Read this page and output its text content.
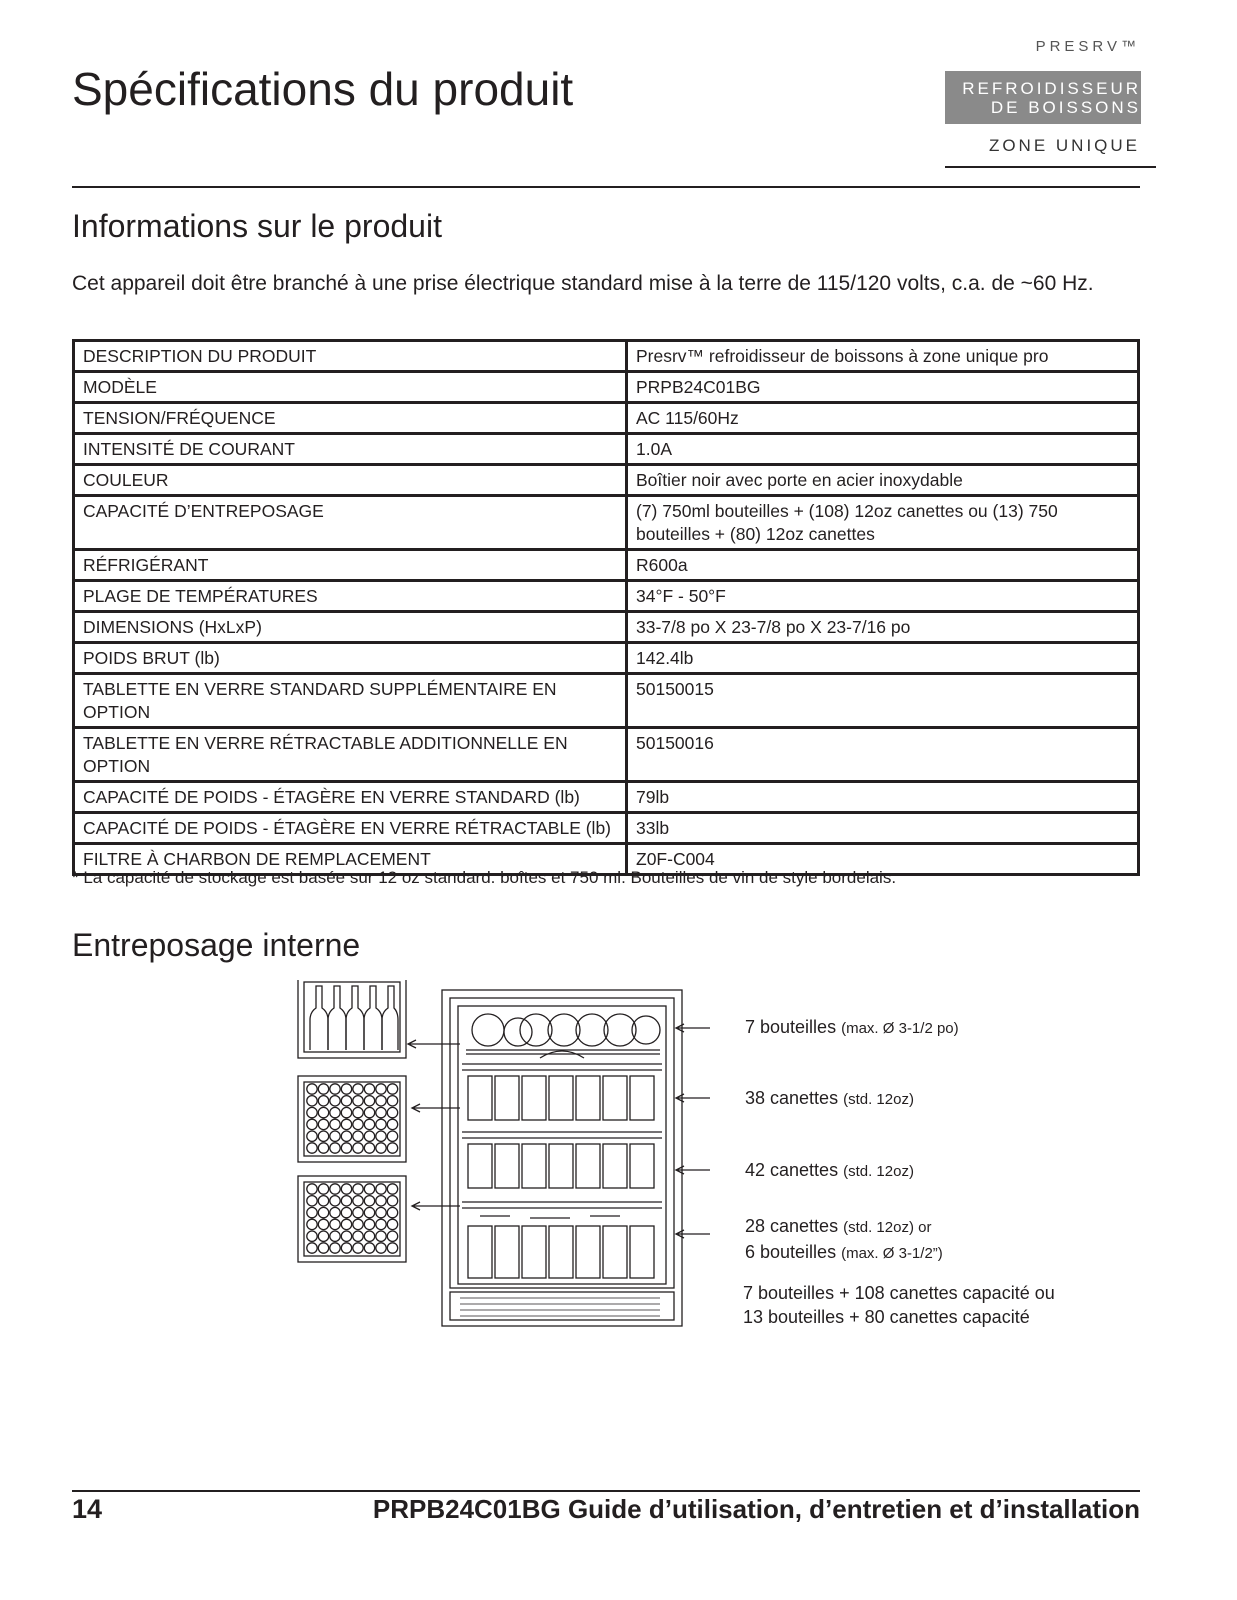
PRESRV™
REFROIDISSEUR
DE BOISSONS
ZONE UNIQUE
Spécifications du produit
Informations sur le produit

Cet appareil doit être branché à une prise électrique standard mise à la terre de 115/120 volts, c.a. de ~60 Hz.

DESCRIPTION DU PRODUIT	Presrv™ refroidisseur de boissons à zone unique pro
MODÈLE	PRPB24C01BG
TENSION/FRÉQUENCE	AC 115/60Hz
INTENSITÉ DE COURANT	1.0A
COULEUR	Boîtier noir avec porte en acier inoxydable
CAPACITÉ D’ENTREPOSAGE	(7) 750ml bouteilles + (108) 12oz canettes ou (13) 750 bouteilles + (80) 12oz canettes
RÉFRIGÉRANT	R600a
PLAGE DE TEMPÉRATURES	34°F - 50°F
DIMENSIONS (HxLxP)	33-7/8 po X 23-7/8 po X 23-7/16 po
POIDS BRUT (lb)	142.4lb
TABLETTE EN VERRE STANDARD SUPPLÉMENTAIRE EN OPTION	50150015
TABLETTE EN VERRE RÉTRACTABLE ADDITIONNELLE EN OPTION	50150016
CAPACITÉ DE POIDS - ÉTAGÈRE EN VERRE STANDARD (lb)	79lb
CAPACITÉ DE POIDS - ÉTAGÈRE EN VERRE RÉTRACTABLE (lb)	33lb
FILTRE À CHARBON DE REMPLACEMENT	Z0F-C004

* La capacité de stockage est basée sur 12 oz standard. boîtes et 750 ml. Bouteilles de vin de style bordelais.

Entreposage interne
7 bouteilles (max. Ø 3-1/2 po)
38 canettes (std. 12oz)
42 canettes (std. 12oz)
28 canettes (std. 12oz) or
6 bouteilles (max. Ø 3-1/2”)
7 bouteilles + 108 canettes capacité ou
13 bouteilles + 80 canettes capacité
14	PRPB24C01BG Guide d’utilisation, d’entretien et d’installation
